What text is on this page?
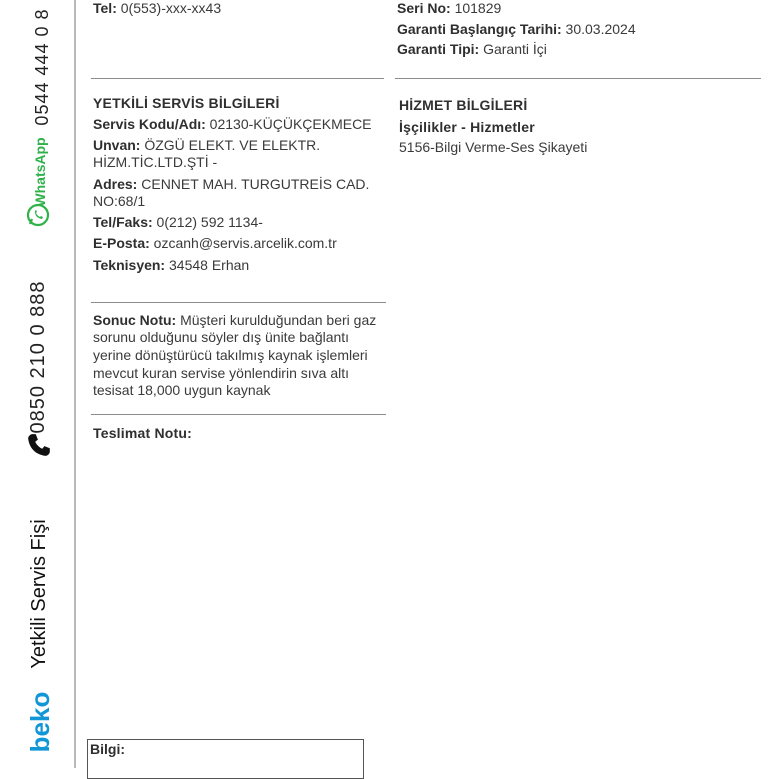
0544 444 0 8
WhatsApp
0850 210 0 888
Yetkili Servis Fişi
beko
Tel: 0(553)-xxx-xx43	Seri No: 101829
Garanti Başlangıç Tarihi: 30.03.2024
Garanti Tipi: Garanti İçi
YETKİLİ SERVİS BİLGİLERİ
Servis Kodu/Adı: 02130-KÜÇÜKÇEKMECE
Unvan: ÖZGÜ ELEKT. VE ELEKTR.
HİZM.TİC.LTD.ŞTİ -
Adres: CENNET MAH. TURGUTREİS CAD.
NO:68/1
Tel/Faks: 0(212) 592 1134-
E-Posta: ozcanh@servis.arcelik.com.tr
Teknisyen: 34548 Erhan
HİZMET BİLGİLERİ
İşçilikler - Hizmetler
5156-Bilgi Verme-Ses Şikayeti
Sonuc Notu: Müşteri kurulduğundan beri gaz
sorunu olduğunu söyler dış ünite bağlantı
yerine dönüştürücü takılmış kaynak işlemleri
mevcut kuran servise yönlendirin sıva altı
tesisat 18,000 uygun kaynak
Teslimat Notu:
Bilgi:
